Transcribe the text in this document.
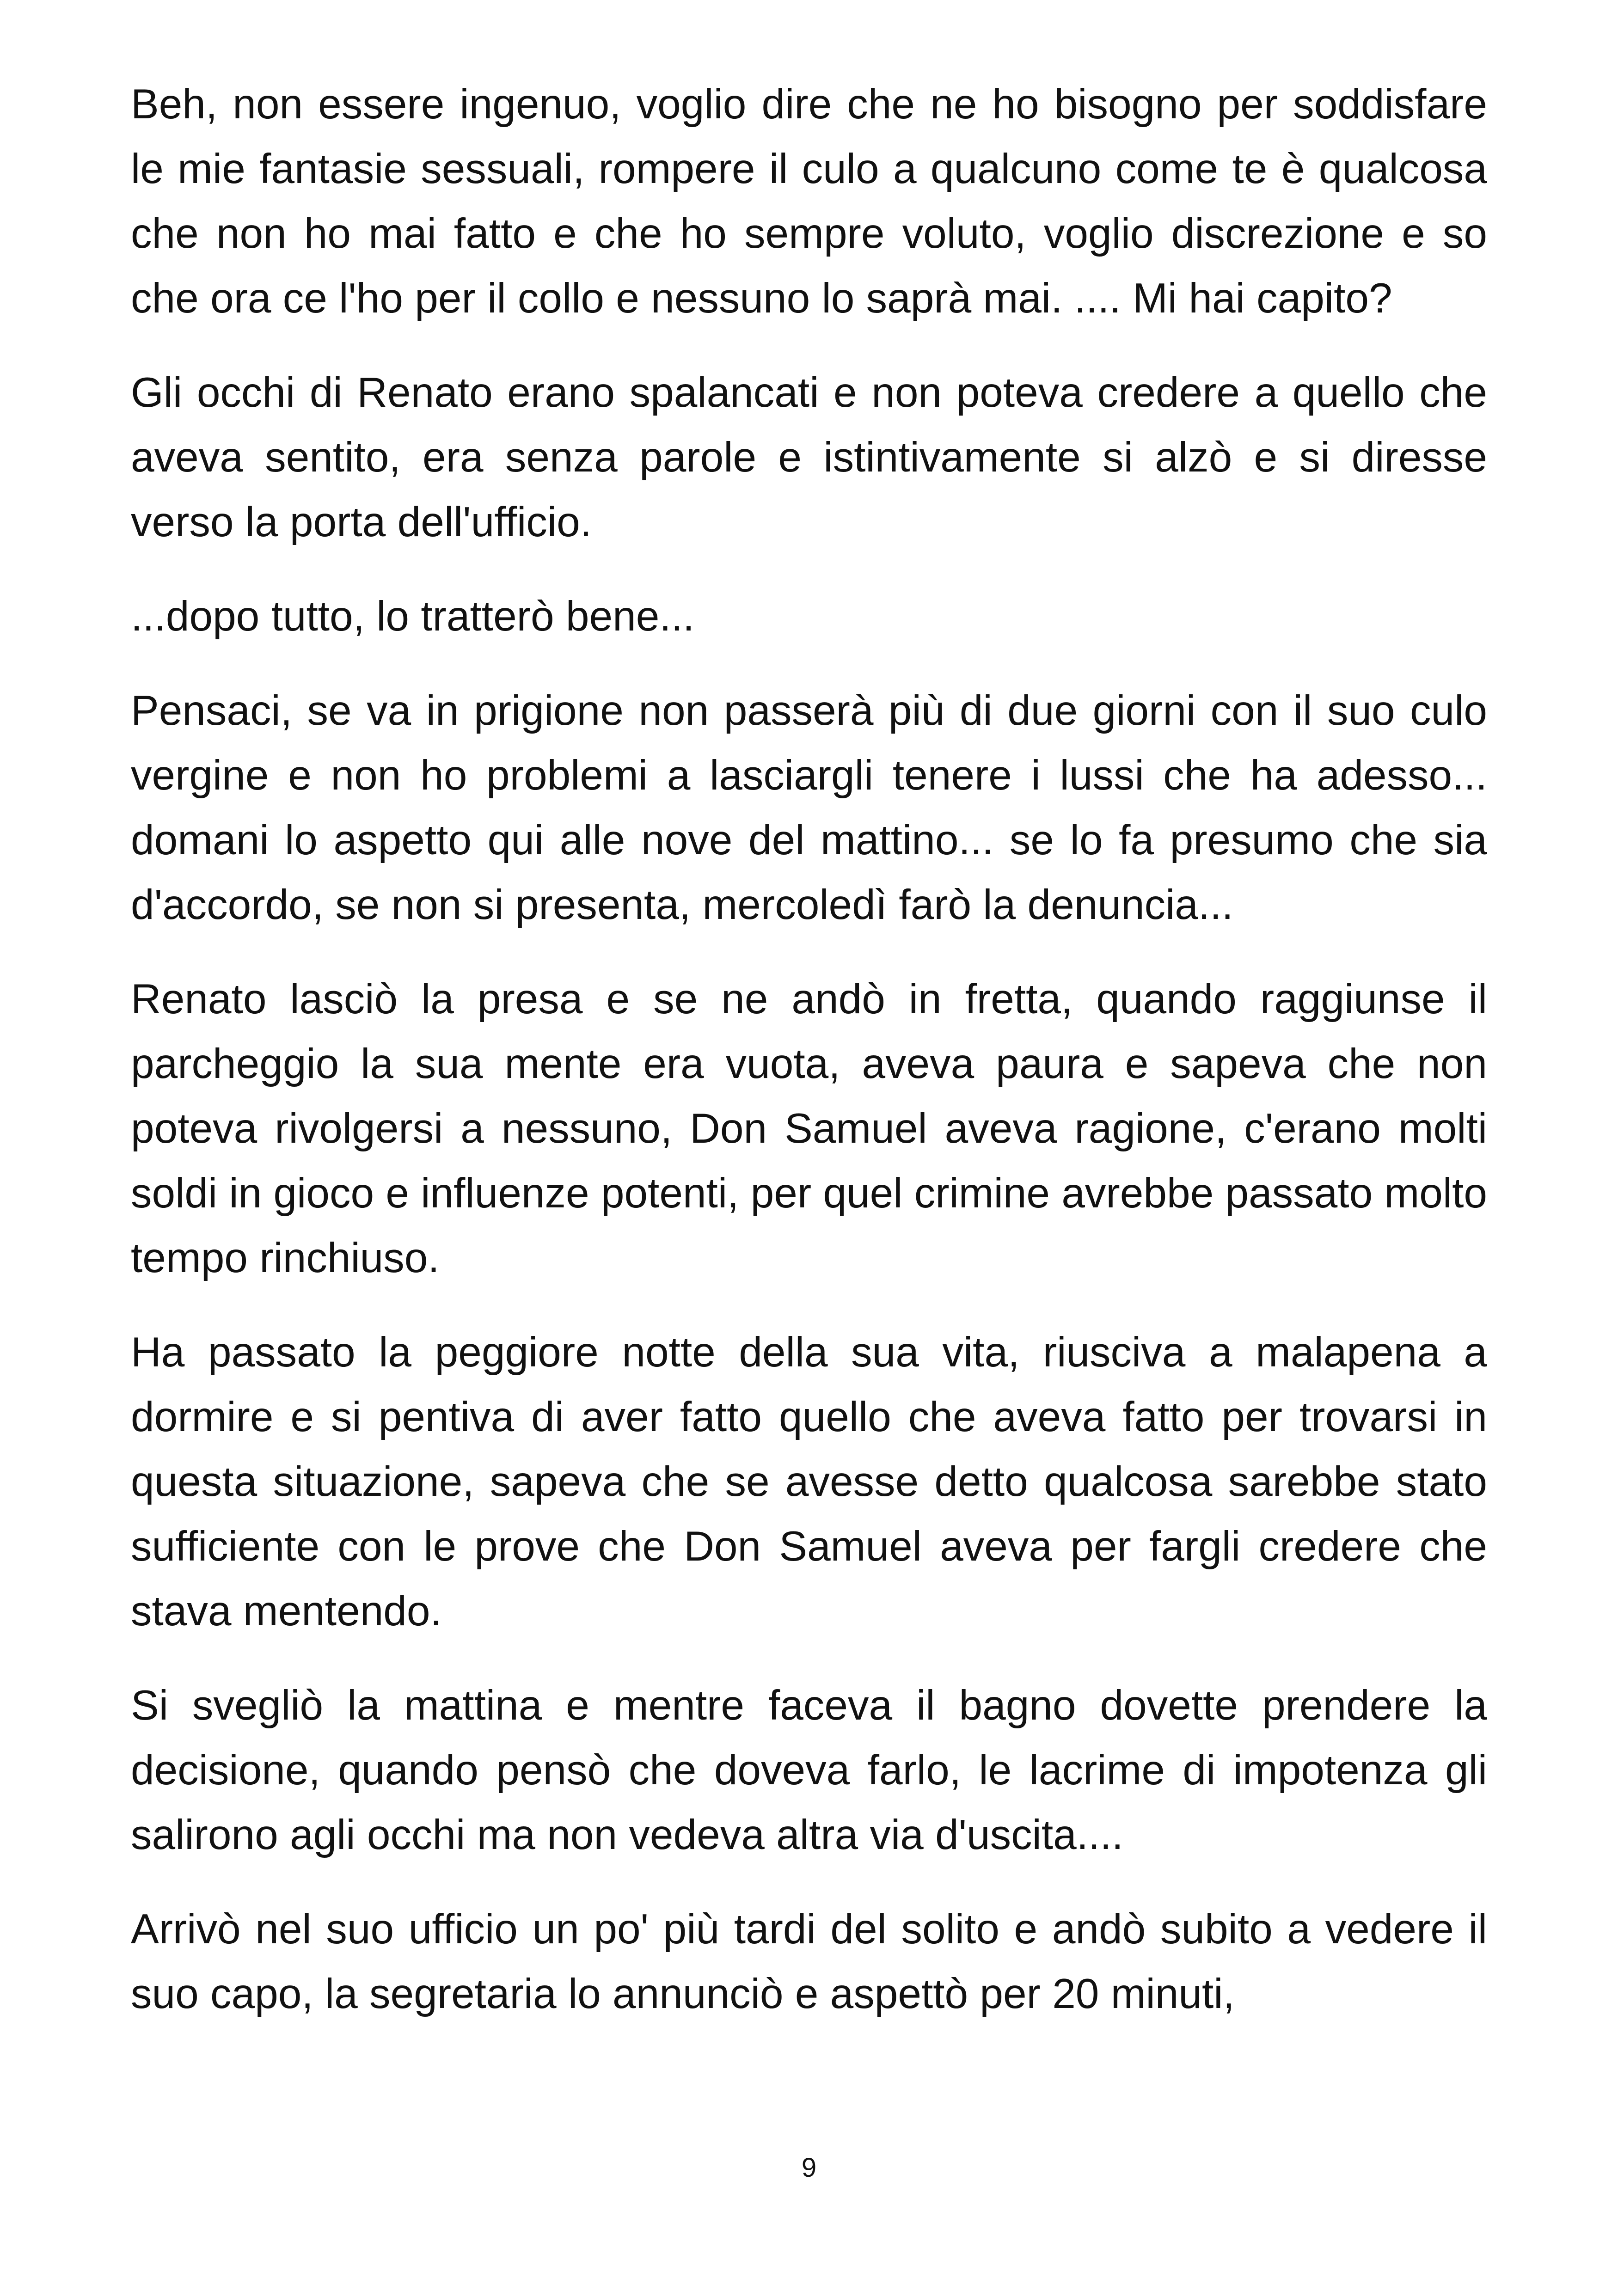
Beh, non essere ingenuo, voglio dire che ne ho bisogno per soddisfare le mie fantasie sessuali, rompere il culo a qualcuno come te è qualcosa che non ho mai fatto e che ho sempre voluto, voglio discrezione e so che ora ce l'ho per il collo e nessuno lo saprà mai. .... Mi hai capito?

Gli occhi di Renato erano spalancati e non poteva credere a quello che aveva sentito, era senza parole e istintivamente si alzò e si diresse verso la porta dell'ufficio.

...dopo tutto, lo tratterò bene...

Pensaci, se va in prigione non passerà più di due giorni con il suo culo vergine e non ho problemi a lasciargli tenere i lussi che ha adesso... domani lo aspetto qui alle nove del mattino... se lo fa presumo che sia d'accordo, se non si presenta, mercoledì farò la denuncia...

Renato lasciò la presa e se ne andò in fretta, quando raggiunse il parcheggio la sua mente era vuota, aveva paura e sapeva che non poteva rivolgersi a nessuno, Don Samuel aveva ragione, c'erano molti soldi in gioco e influenze potenti, per quel crimine avrebbe passato molto tempo rinchiuso.

Ha passato la peggiore notte della sua vita, riusciva a malapena a dormire e si pentiva di aver fatto quello che aveva fatto per trovarsi in questa situazione, sapeva che se avesse detto qualcosa sarebbe stato sufficiente con le prove che Don Samuel aveva per fargli credere che stava mentendo.

Si svegliò la mattina e mentre faceva il bagno dovette prendere la decisione, quando pensò che doveva farlo, le lacrime di impotenza gli salirono agli occhi ma non vedeva altra via d'uscita....

Arrivò nel suo ufficio un po' più tardi del solito e andò subito a vedere il suo capo, la segretaria lo annunciò e aspettò per 20 minuti,

9
